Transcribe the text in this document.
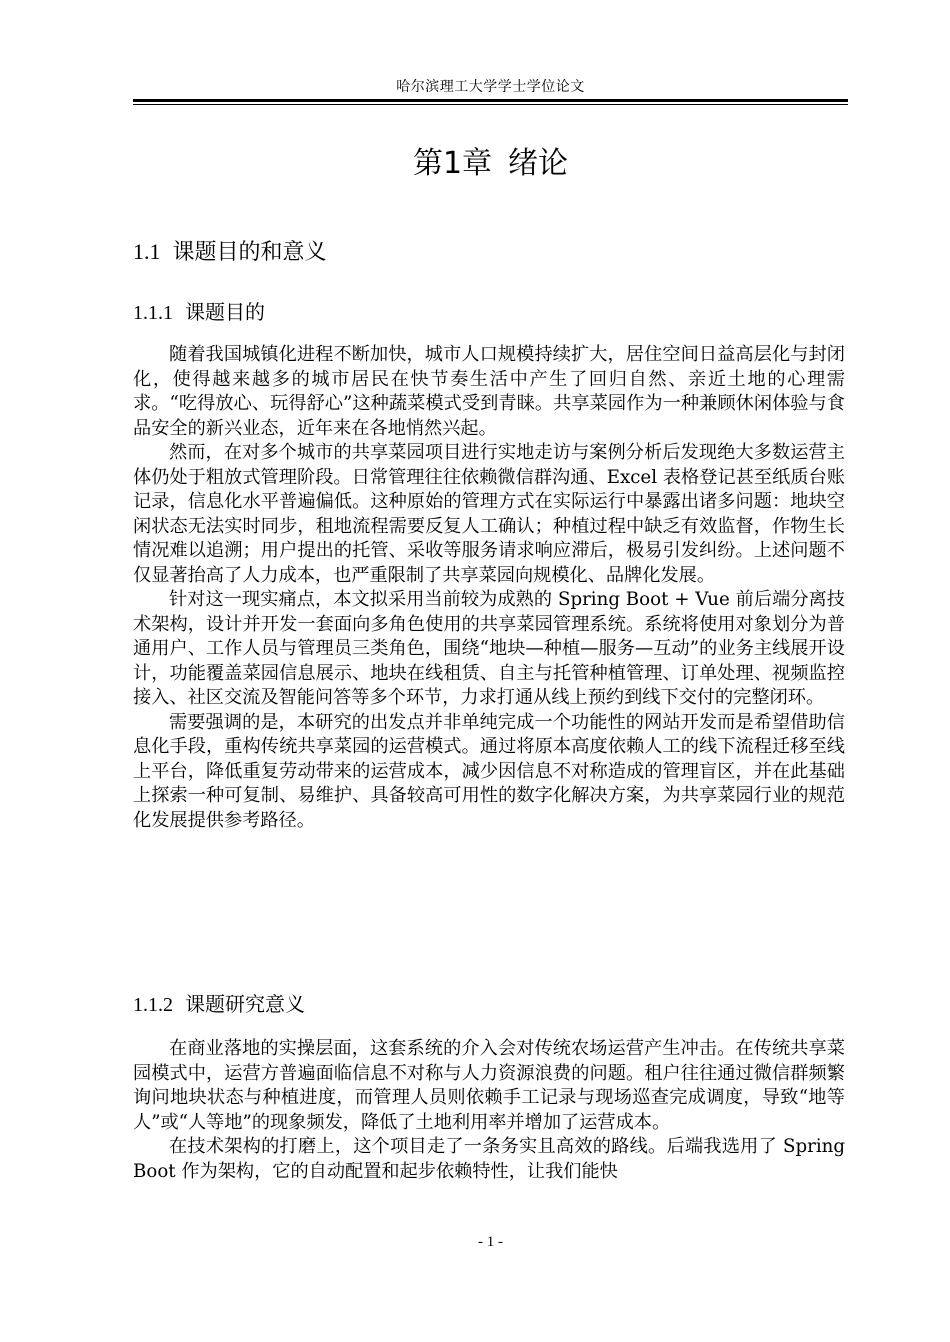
哈尔滨理工大学学士学位论文
第1章 绪论
1.1 课题目的和意义
1.1.1 课题目的

随着我国城镇化进程不断加快，城市人口规模持续扩大，居住空间日益高层化与封闭化，使得越来越多的城市居民在快节奏生活中产生了回归自然、亲近土地的心理需求。“吃得放心、玩得舒心”这种蔬菜模式受到青睐。共享菜园作为一种兼顾休闲体验与食品安全的新兴业态，近年来在各地悄然兴起。

然而，在对多个城市的共享菜园项目进行实地走访与案例分析后发现绝大多数运营主体仍处于粗放式管理阶段。日常管理往往依赖微信群沟通、Excel 表格登记甚至纸质台账记录，信息化水平普遍偏低。这种原始的管理方式在实际运行中暴露出诸多问题：地块空闲状态无法实时同步，租地流程需要反复人工确认；种植过程中缺乏有效监督，作物生长情况难以追溯；用户提出的托管、采收等服务请求响应滞后，极易引发纠纷。上述问题不仅显著抬高了人力成本，也严重限制了共享菜园向规模化、品牌化发展。

针对这一现实痛点，本文拟采用当前较为成熟的 Spring Boot + Vue 前后端分离技术架构，设计并开发一套面向多角色使用的共享菜园管理系统。系统将使用对象划分为普通用户、工作人员与管理员三类角色，围绕“地块—种植—服务—互动”的业务主线展开设计，功能覆盖菜园信息展示、地块在线租赁、自主与托管种植管理、订单处理、视频监控接入、社区交流及智能问答等多个环节，力求打通从线上预约到线下交付的完整闭环。

需要强调的是，本研究的出发点并非单纯完成一个功能性的网站开发而是希望借助信息化手段，重构传统共享菜园的运营模式。通过将原本高度依赖人工的线下流程迁移至线上平台，降低重复劳动带来的运营成本，减少因信息不对称造成的管理盲区，并在此基础上探索一种可复制、易维护、具备较高可用性的数字化解决方案，为共享菜园行业的规范化发展提供参考路径。

1.1.2 课题研究意义

在商业落地的实操层面，这套系统的介入会对传统农场运营产生冲击。在传统共享菜园模式中，运营方普遍面临信息不对称与人力资源浪费的问题。租户往往通过微信群频繁询问地块状态与种植进度，而管理人员则依赖手工记录与现场巡查完成调度，导致“地等人”或“人等地”的现象频发，降低了土地利用率并增加了运营成本。

在技术架构的打磨上，这个项目走了一条务实且高效的路线。后端我选用了 Spring Boot 作为架构，它的自动配置和起步依赖特性，让我们能快

- 1 -
